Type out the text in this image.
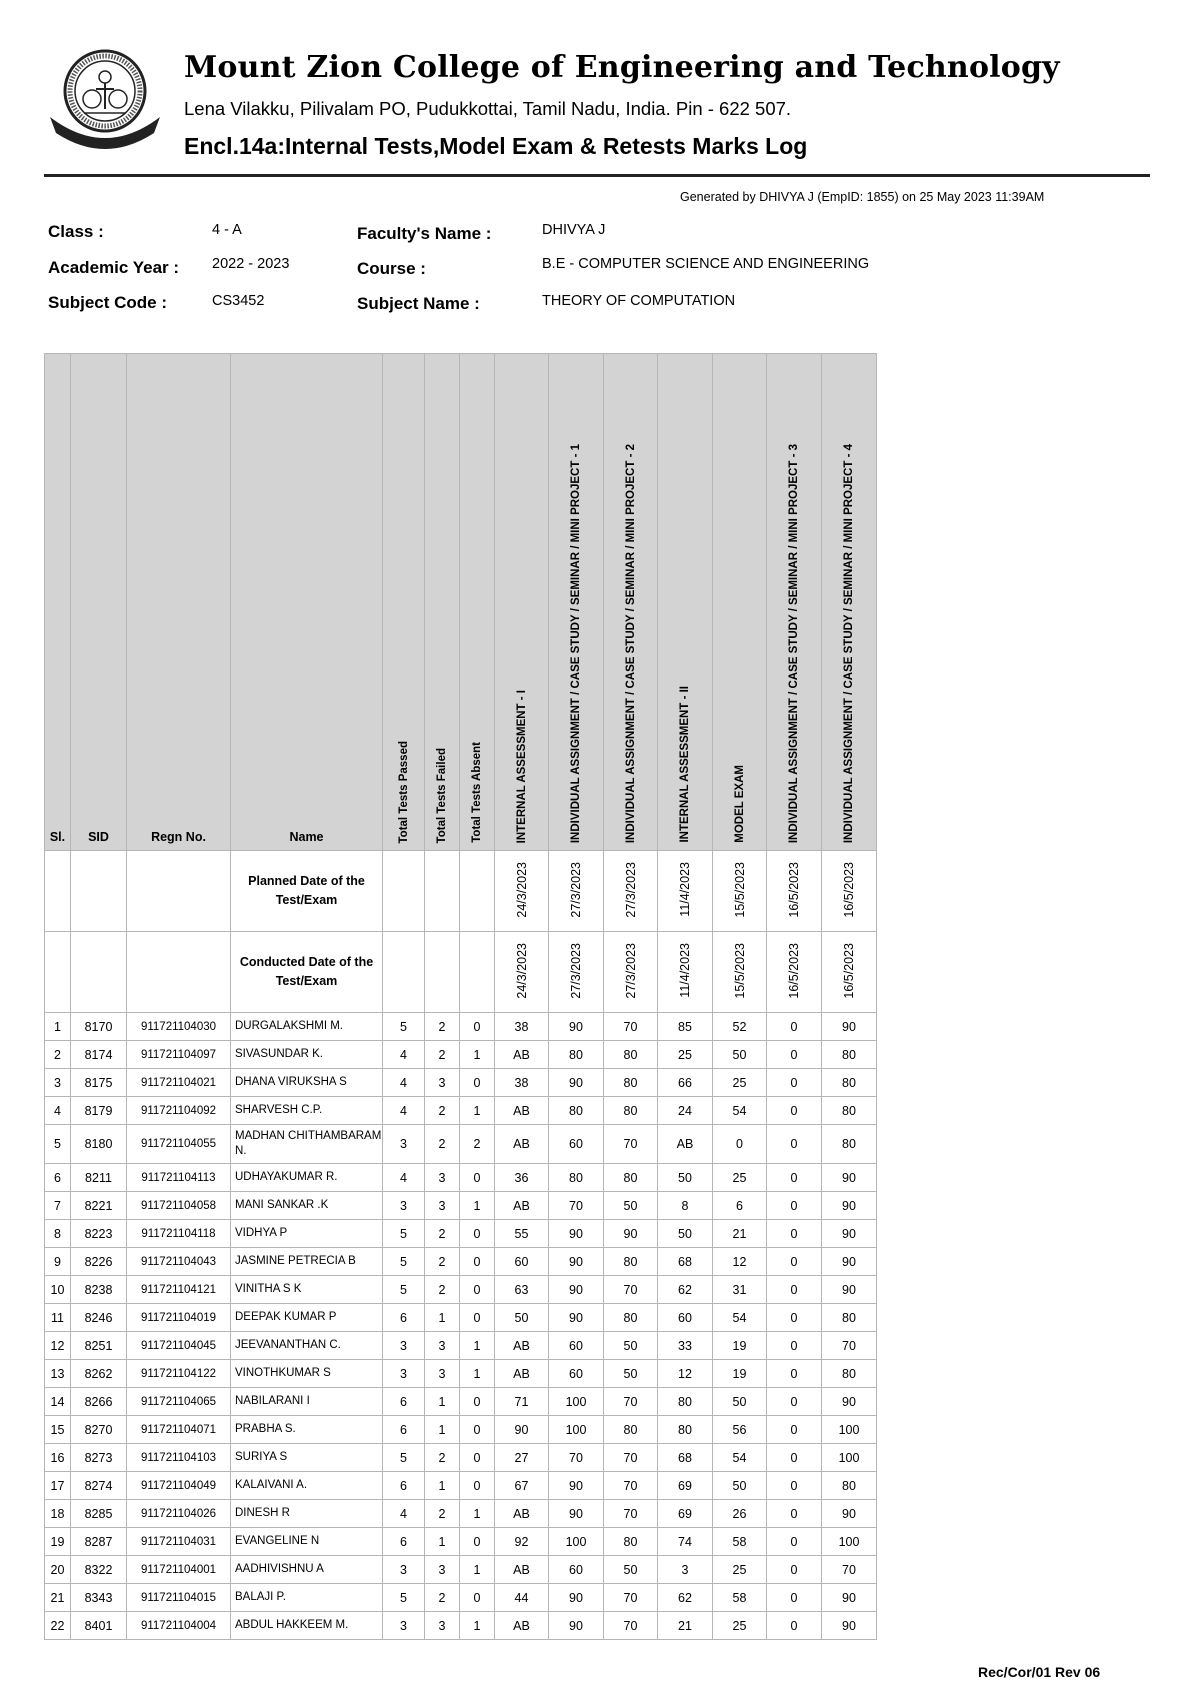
Mount Zion College of Engineering and Technology
Lena Vilakku, Pilivalam PO, Pudukkottai, Tamil Nadu, India. Pin - 622 507.
Encl.14a:Internal Tests,Model Exam & Retests Marks Log
Generated by DHIVYA J (EmpID: 1855) on 25 May 2023 11:39AM
Class :	4 - A
Academic Year : 2022 - 2023
Subject Code :	CS3452
Faculty's Name :	DHIVYA J
Course :	B.E - COMPUTER SCIENCE AND ENGINEERING
Subject Name :	THEORY OF COMPUTATION
Sl.	SID	Regn No.	Name	Total Tests Passed	Total Tests Failed	Total Tests Absent	INTERNAL ASSESSMENT - I	INDIVIDUAL ASSIGNMENT / CASE STUDY / SEMINAR / MINI PROJECT - 1	INDIVIDUAL ASSIGNMENT / CASE STUDY / SEMINAR / MINI PROJECT - 2	INTERNAL ASSESSMENT - II	MODEL EXAM	INDIVIDUAL ASSIGNMENT / CASE STUDY / SEMINAR / MINI PROJECT - 3	INDIVIDUAL ASSIGNMENT / CASE STUDY / SEMINAR / MINI PROJECT - 4
			Planned Date of the Test/Exam				24/3/2023	27/3/2023	27/3/2023	11/4/2023	15/5/2023	16/5/2023	16/5/2023
			Conducted Date of the Test/Exam				24/3/2023	27/3/2023	27/3/2023	11/4/2023	15/5/2023	16/5/2023	16/5/2023
1	8170	911721104030	DURGALAKSHMI M.	5	2	0	38	90	70	85	52	0	90
2	8174	911721104097	SIVASUNDAR K.	4	2	1	AB	80	80	25	50	0	80
3	8175	911721104021	DHANA VIRUKSHA S	4	3	0	38	90	80	66	25	0	80
4	8179	911721104092	SHARVESH C.P.	4	2	1	AB	80	80	24	54	0	80
5	8180	911721104055	MADHAN CHITHAMBARAM N.	3	2	2	AB	60	70	AB	0	0	80
6	8211	911721104113	UDHAYAKUMAR R.	4	3	0	36	80	80	50	25	0	90
7	8221	911721104058	MANI SANKAR .K	3	3	1	AB	70	50	8	6	0	90
8	8223	911721104118	VIDHYA P	5	2	0	55	90	90	50	21	0	90
9	8226	911721104043	JASMINE PETRECIA B	5	2	0	60	90	80	68	12	0	90
10	8238	911721104121	VINITHA S K	5	2	0	63	90	70	62	31	0	90
11	8246	911721104019	DEEPAK KUMAR P	6	1	0	50	90	80	60	54	0	80
12	8251	911721104045	JEEVANANTHAN C.	3	3	1	AB	60	50	33	19	0	70
13	8262	911721104122	VINOTHKUMAR S	3	3	1	AB	60	50	12	19	0	80
14	8266	911721104065	NABILARANI I	6	1	0	71	100	70	80	50	0	90
15	8270	911721104071	PRABHA S.	6	1	0	90	100	80	80	56	0	100
16	8273	911721104103	SURIYA S	5	2	0	27	70	70	68	54	0	100
17	8274	911721104049	KALAIVANI A.	6	1	0	67	90	70	69	50	0	80
18	8285	911721104026	DINESH R	4	2	1	AB	90	70	69	26	0	90
19	8287	911721104031	EVANGELINE N	6	1	0	92	100	80	74	58	0	100
20	8322	911721104001	AADHIVISHNU A	3	3	1	AB	60	50	3	25	0	70
21	8343	911721104015	BALAJI P.	5	2	0	44	90	70	62	58	0	90
22	8401	911721104004	ABDUL HAKKEEM M.	3	3	1	AB	90	70	21	25	0	90
Rec/Cor/01 Rev 06
